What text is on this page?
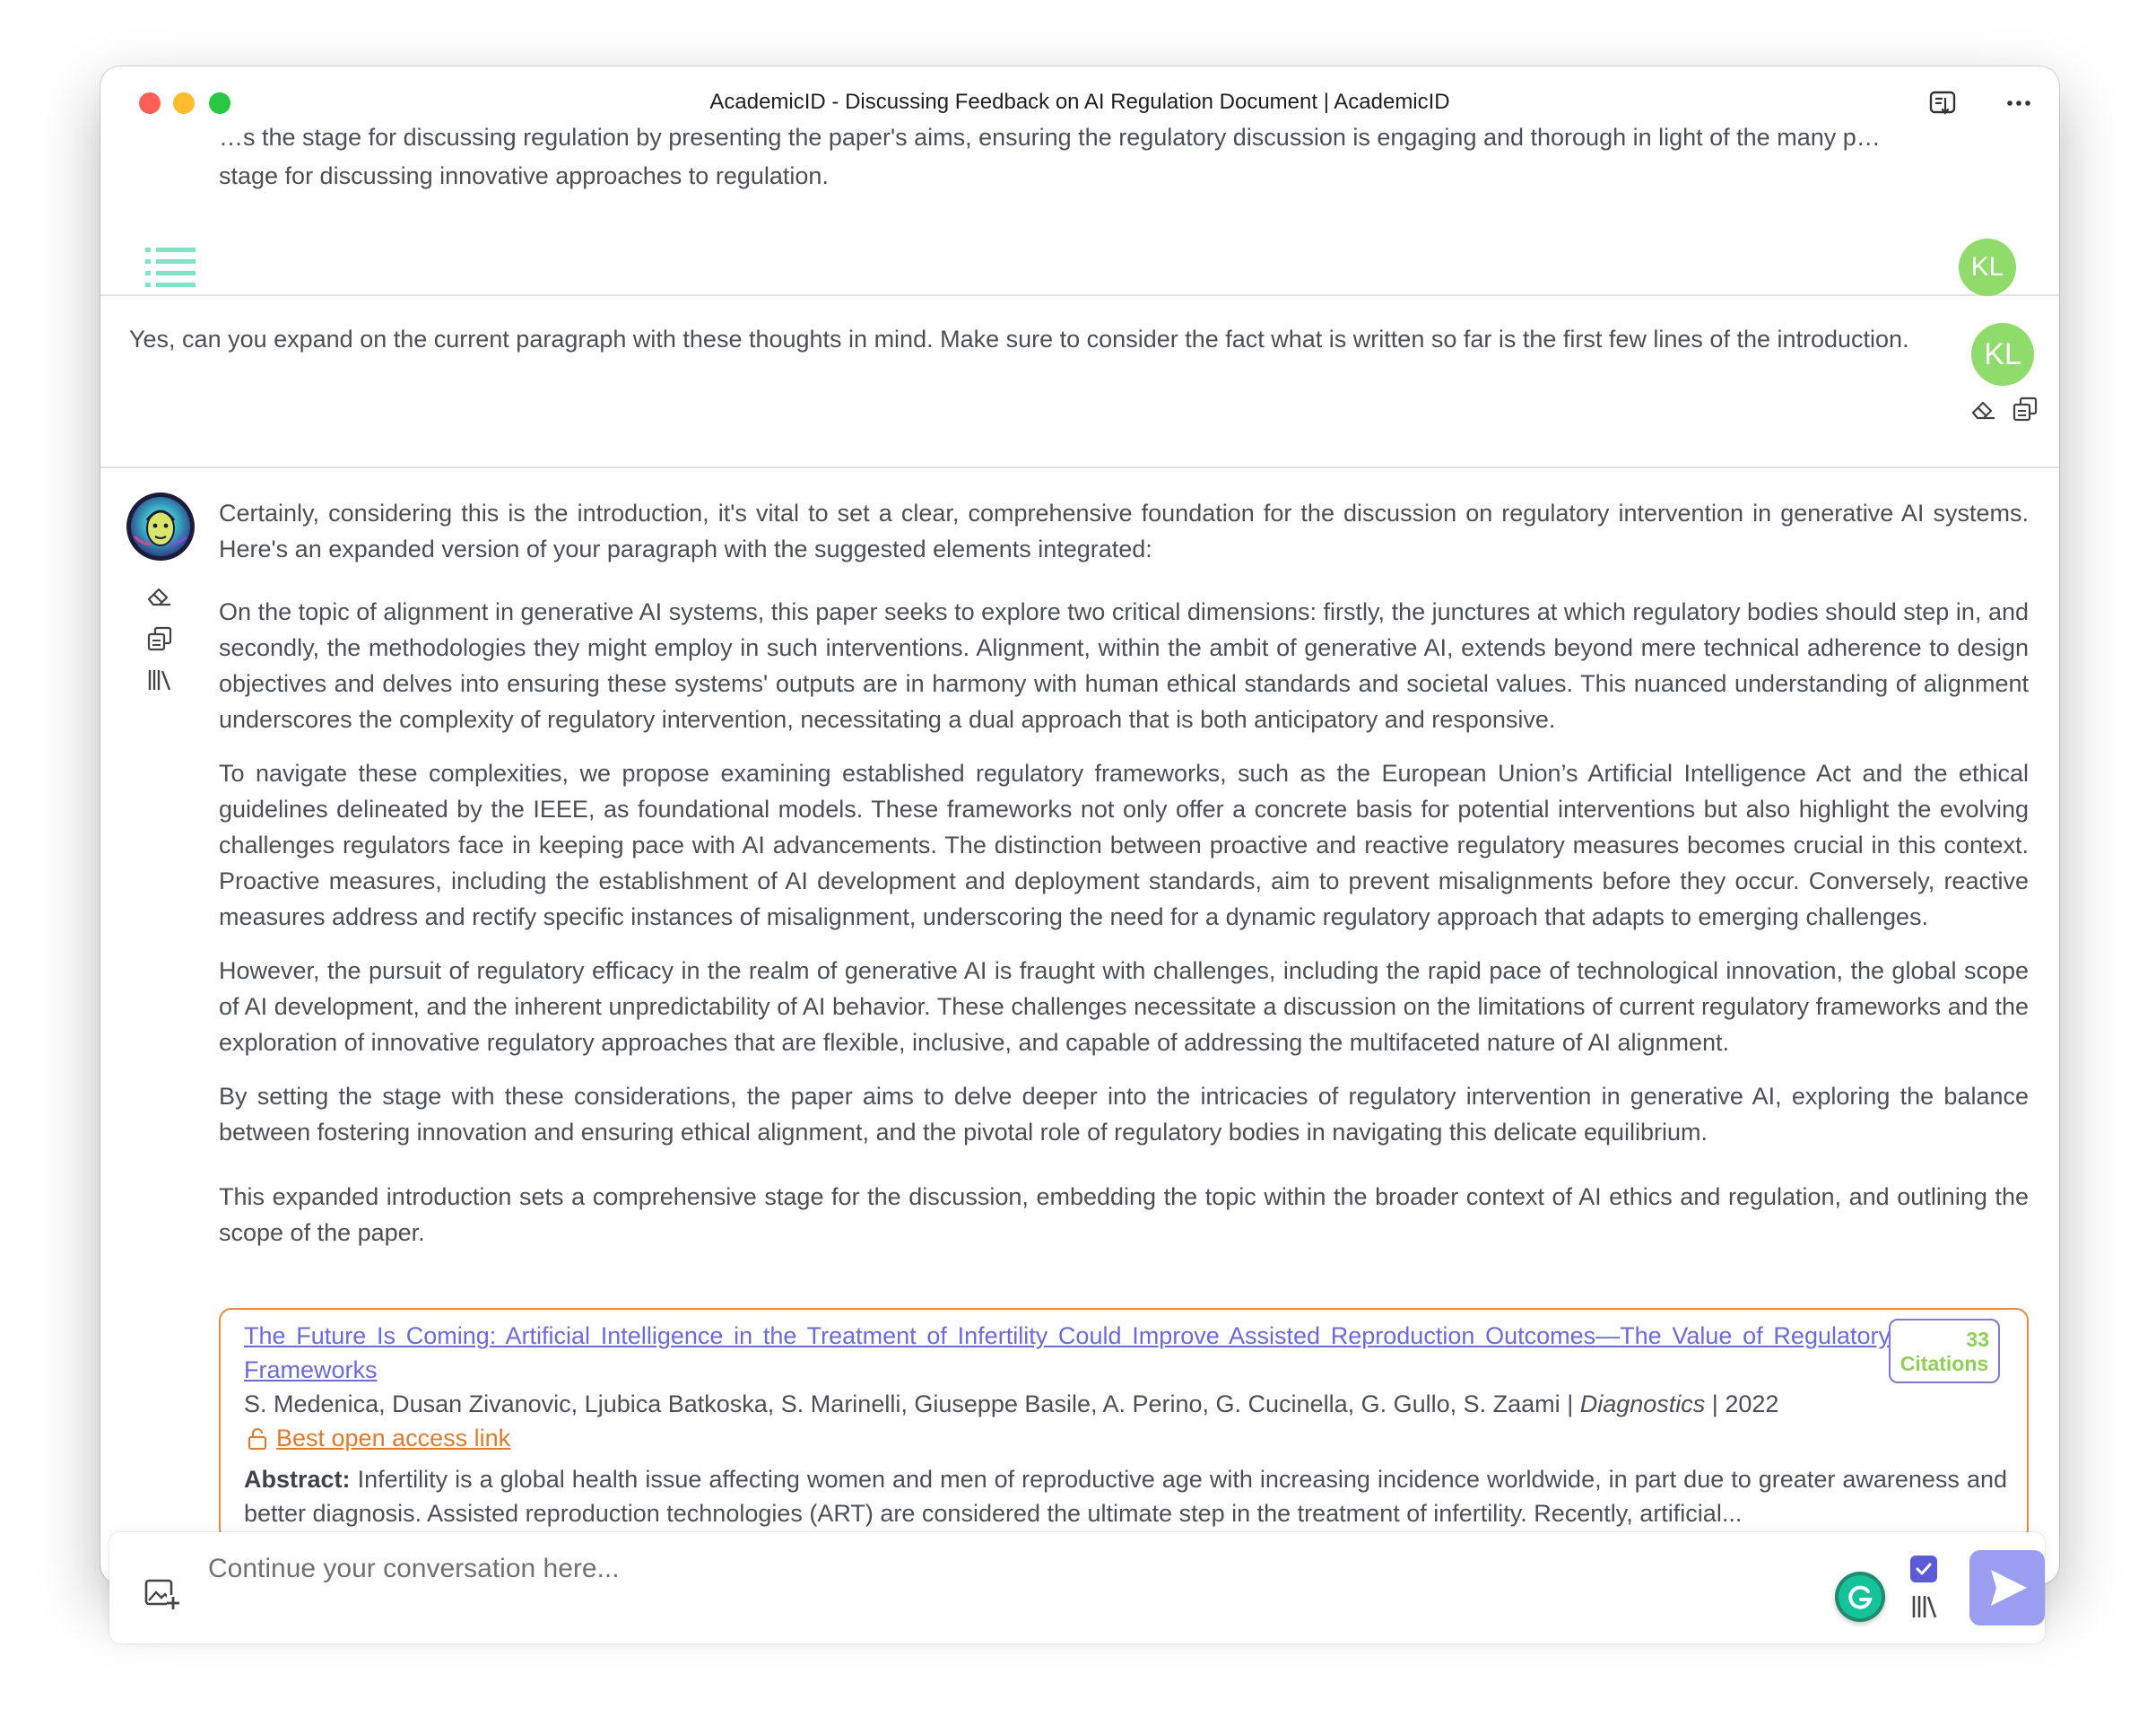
AcademicID - Discussing Feedback on AI Regulation Document | AcademicID
…s the stage for discussing regulation by presenting the paper's aims, ensuring the regulatory discussion is engaging and thorough in light of the many p…
stage for discussing innovative approaches to regulation.
KL
Yes, can you expand on the current paragraph with these thoughts in mind. Make sure to consider the fact what is written so far is the first few lines of the introduction.	KL

Certainly, considering this is the introduction, it's vital to set a clear, comprehensive foundation for the discussion on regulatory intervention in generative AI systems. Here's an expanded version of your paragraph with the suggested elements integrated:

On the topic of alignment in generative AI systems, this paper seeks to explore two critical dimensions: firstly, the junctures at which regulatory bodies should step in, and secondly, the methodologies they might employ in such interventions. Alignment, within the ambit of generative AI, extends beyond mere technical adherence to design objectives and delves into ensuring these systems' outputs are in harmony with human ethical standards and societal values. This nuanced understanding of alignment underscores the complexity of regulatory intervention, necessitating a dual approach that is both anticipatory and responsive.

To navigate these complexities, we propose examining established regulatory frameworks, such as the European Union’s Artificial Intelligence Act and the ethical guidelines delineated by the IEEE, as foundational models. These frameworks not only offer a concrete basis for potential interventions but also highlight the evolving challenges regulators face in keeping pace with AI advancements. The distinction between proactive and reactive regulatory measures becomes crucial in this context. Proactive measures, including the establishment of AI development and deployment standards, aim to prevent misalignments before they occur. Conversely, reactive measures address and rectify specific instances of misalignment, underscoring the need for a dynamic regulatory approach that adapts to emerging challenges.

However, the pursuit of regulatory efficacy in the realm of generative AI is fraught with challenges, including the rapid pace of technological innovation, the global scope of AI development, and the inherent unpredictability of AI behavior. These challenges necessitate a discussion on the limitations of current regulatory frameworks and the exploration of innovative regulatory approaches that are flexible, inclusive, and capable of addressing the multifaceted nature of AI alignment.

By setting the stage with these considerations, the paper aims to delve deeper into the intricacies of regulatory intervention in generative AI, exploring the balance between fostering innovation and ensuring ethical alignment, and the pivotal role of regulatory bodies in navigating this delicate equilibrium.

This expanded introduction sets a comprehensive stage for the discussion, embedding the topic within the broader context of AI ethics and regulation, and outlining the scope of the paper.

The Future Is Coming: Artificial Intelligence in the Treatment of Infertility Could Improve Assisted Reproduction Outcomes—The Value of Regulatory Frameworks
33
Citations
S. Medenica, Dusan Zivanovic, Ljubica Batkoska, S. Marinelli, Giuseppe Basile, A. Perino, G. Cucinella, G. Gullo, S. Zaami | Diagnostics | 2022
Best open access link
Abstract: Infertility is a global health issue affecting women and men of reproductive age with increasing incidence worldwide, in part due to greater awareness and better diagnosis. Assisted reproduction technologies (ART) are considered the ultimate step in the treatment of infertility. Recently, artificial...
Continue your conversation here...
